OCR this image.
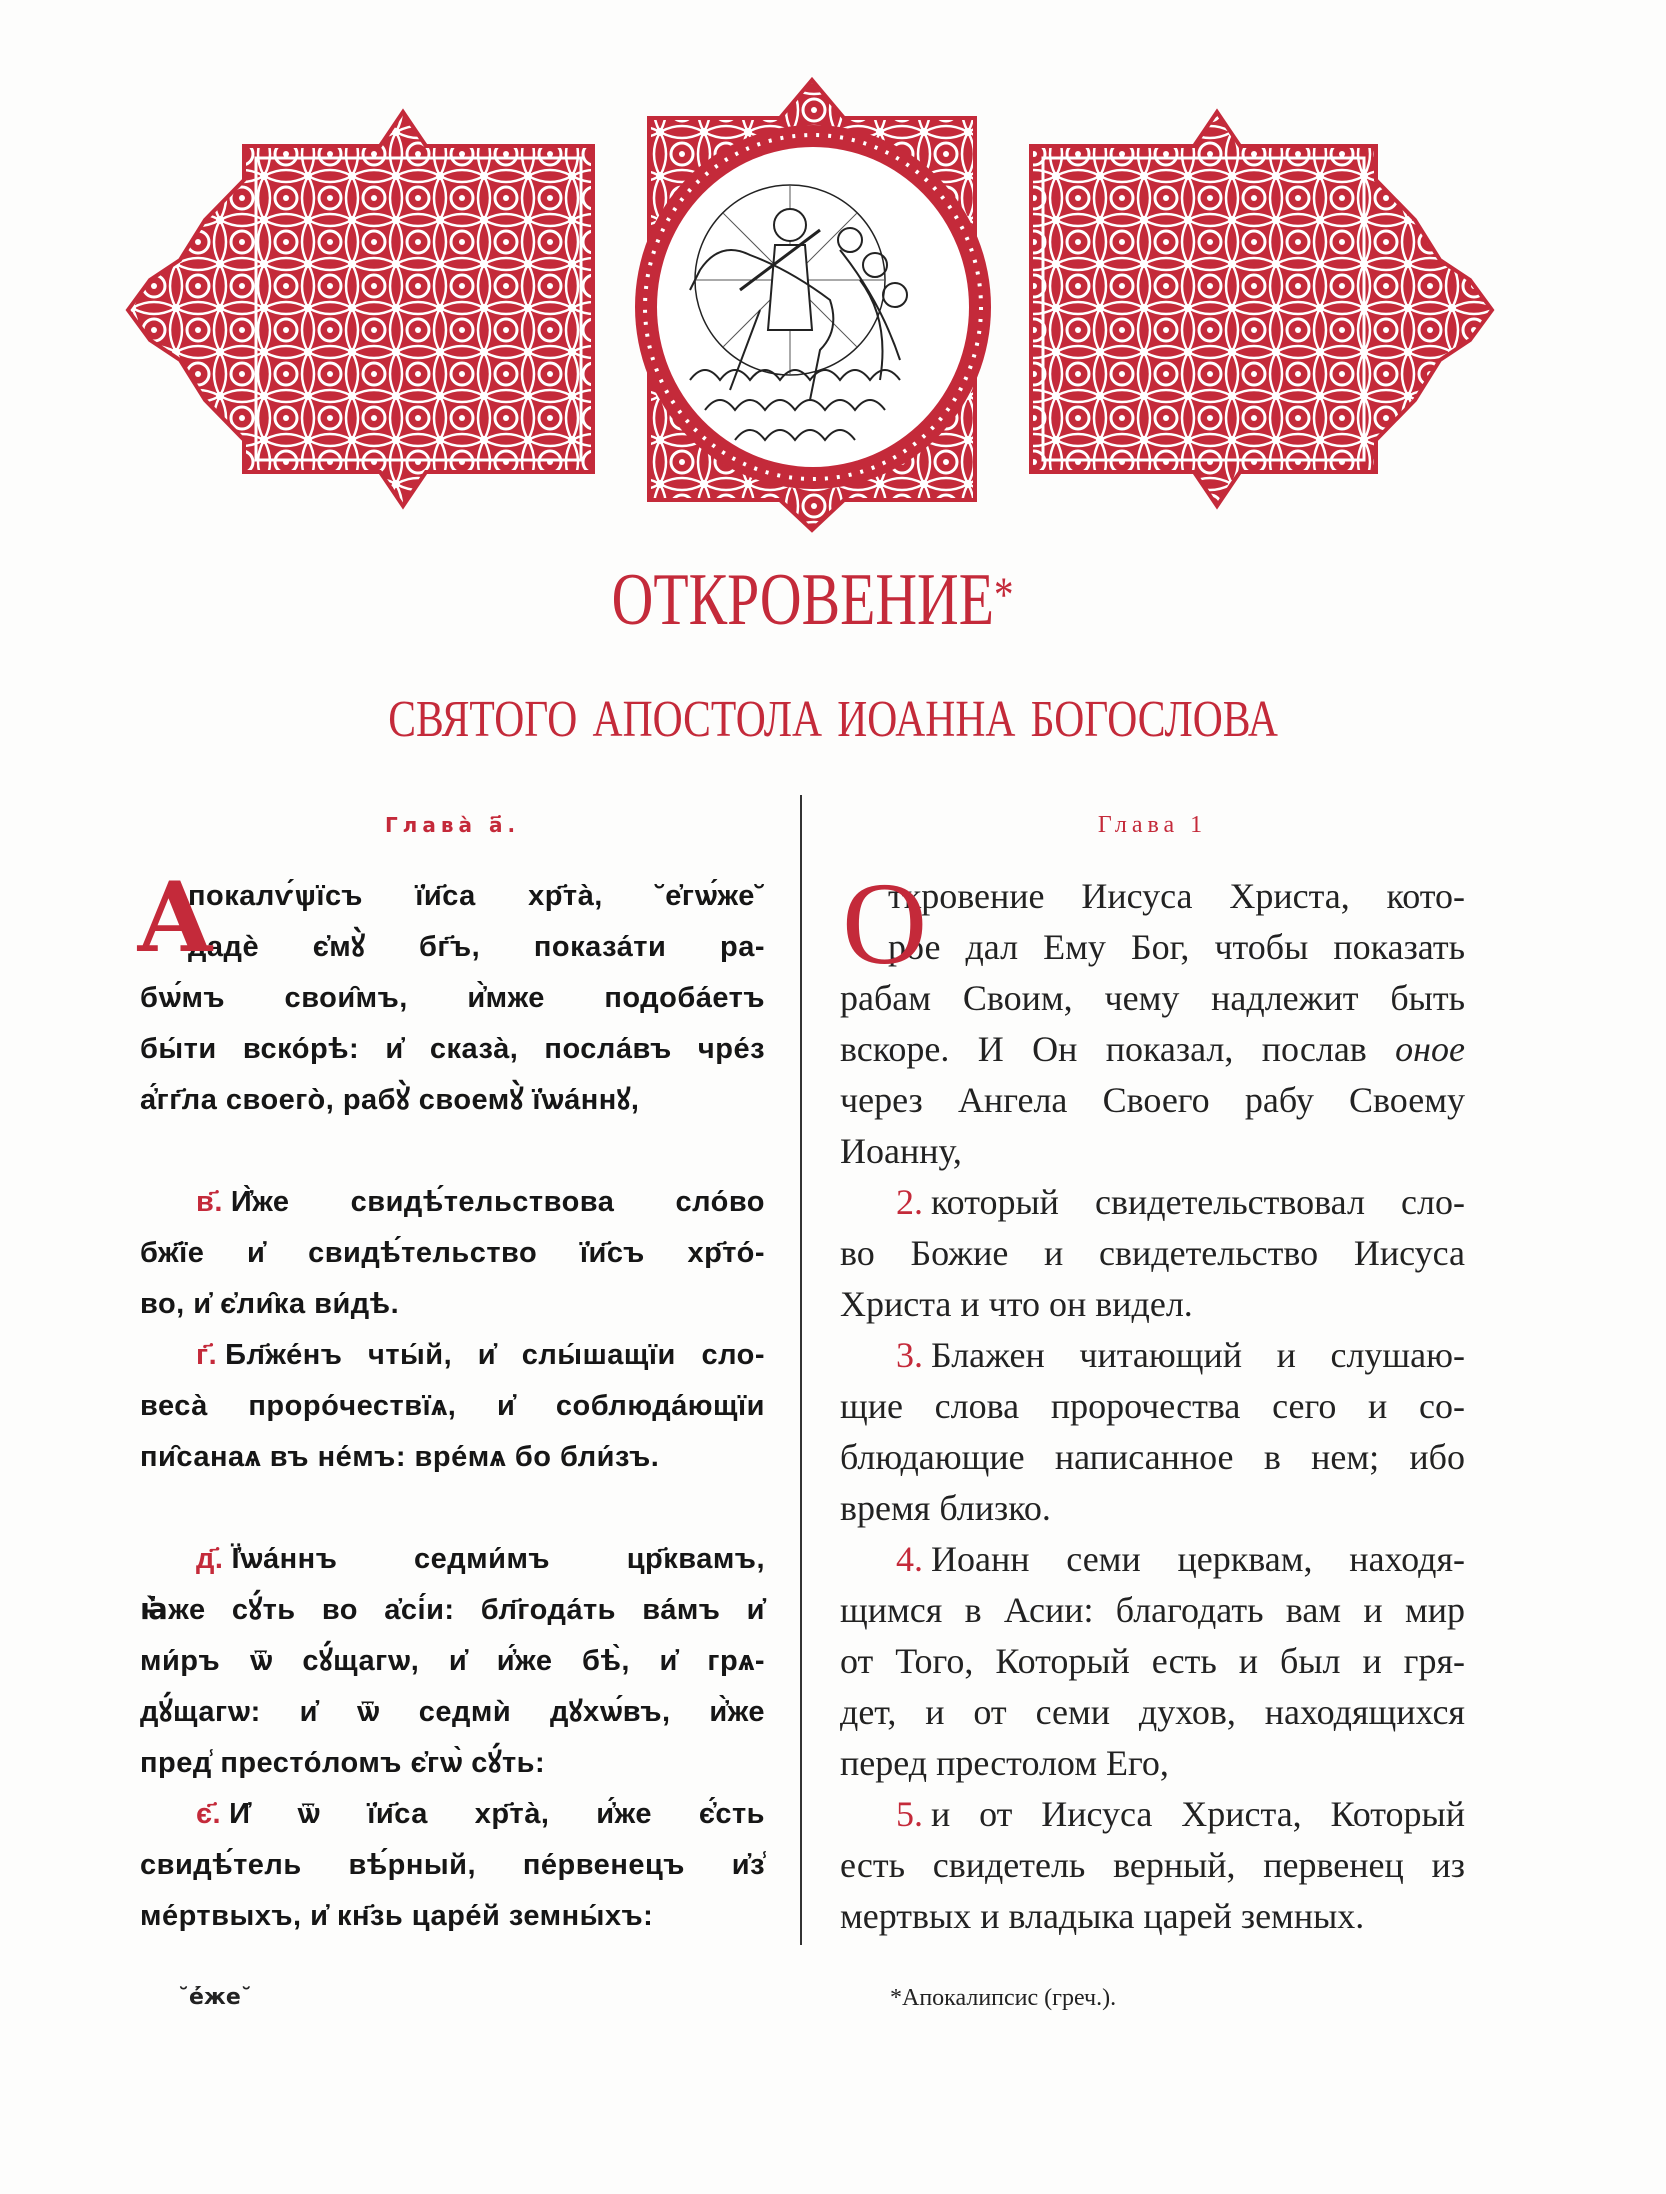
ОТКРОВЕНИЕ*
СВЯТОГО АПОСТОЛА ИОАННА БОГОСЛОВА
Глава̀ а҃.
А
покалѵ́ѱїсъ ї҆и҃са хр҃та̀, ˘е҆гѡ́же˘
дадѐ є҆мꙋ̀ бг҃ъ, показа́ти ра-
бѡ́мъ свои̑мъ, и҆̀мже подоба́етъ
бы́ти вско́рѣ: и҆ сказа̀, посла́въ чре́з
а҆́гг҃ла своего̀, рабꙋ̀ своемꙋ̀ ї҆ѡа́ннꙋ,
в҃. И҆̀же свидѣ́тельствова сло́во
бж҃їе и҆ свидѣ́тельство ї҆и҃съ хр҃то́-
во, и҆ є҆ли̑ка ви́дѣ.
г҃. Бл҃же́нъ чты́й, и҆ слы́шащїи сло-
веса̀ проро́чествїѧ, и҆ соблюда́ющїи
пи̑санаѧ въ не́мъ: вре́мѧ бо бли́зъ.
д҃. Ї҆ѡа́ннъ седми́мъ цр҃квамъ,
ꙗ҆̀же сꙋ́ть во а҆сі́и: бл҃года́ть ва́мъ и҆
ми́ръ ѿ сꙋ́щагѡ, и҆ и҆́же бѣ̀, и҆ грѧ-
дꙋ́щагѡ: и҆ ѿ седмѝ дꙋхѡ́въ, и҆̀же
пред̾ престо́ломъ є҆гѡ̀ сꙋ́ть:
є҃. И҆ ѿ ї҆и҃са хр҃та̀, и҆́же є҆́сть
свидѣ́тель вѣ́рный, пе́рвенецъ и҆з̾
ме́ртвыхъ, и҆ кн҃зь царе́й земны́хъ:
Глава 1
О
ткровение Иисуса Христа, кото-
рое дал Ему Бог, чтобы показать
рабам Своим, чему надлежит быть
вскоре. И Он показал, послав оное
через Ангела Своего рабу Своему
Иоанну,
2. который свидетельствовал сло-
во Божие и свидетельство Иисуса
Христа и что он видел.
3. Блажен читающий и слушаю-
щие слова пророчества сего и со-
блюдающие написанное в нем; ибо
время близко.
4. Иоанн семи церквам, находя-
щимся в Асии: благодать вам и мир
от Того, Который есть и был и гря-
дет, и от семи духов, находящихся
перед престолом Его,
5. и от Иисуса Христа, Который
есть свидетель верный, первенец из
мертвых и владыка царей земных.
˘е҆́же˘	*Апокалипсис (греч.).
